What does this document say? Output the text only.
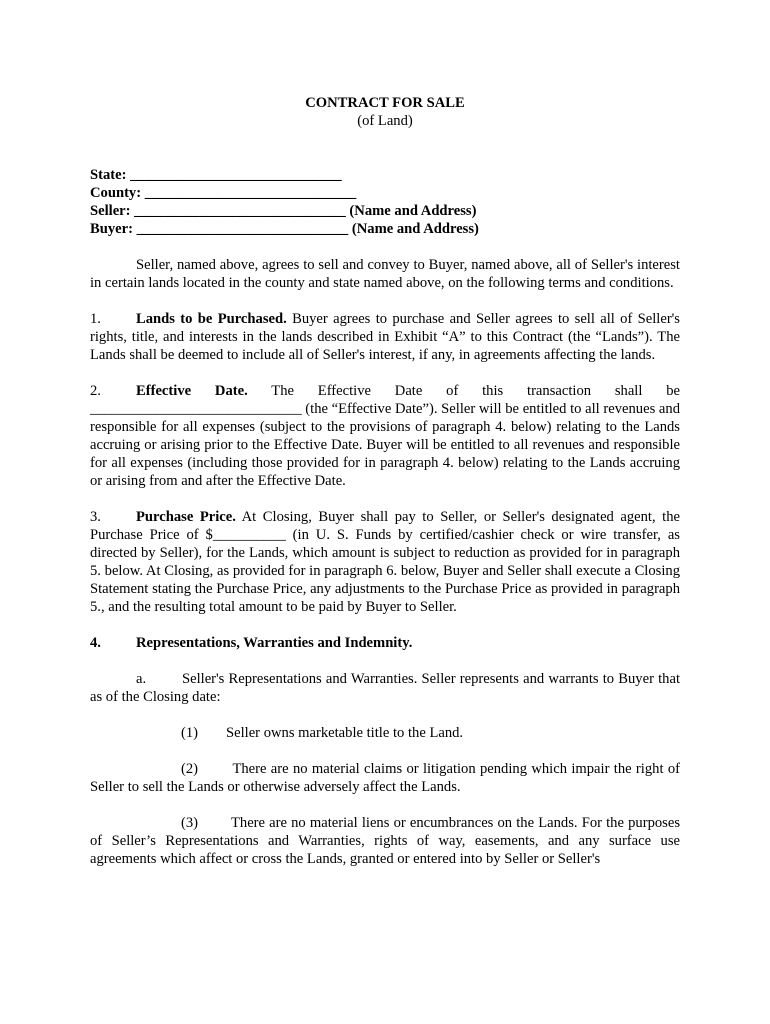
CONTRACT FOR SALE
(of Land)
State: _____________________________
County: _____________________________
Seller: _____________________________ (Name and Address)
Buyer: _____________________________ (Name and Address)
Seller, named above, agrees to sell and convey to Buyer, named above, all of Seller's interest in certain lands located in the county and state named above, on the following terms and conditions.
1. Lands to be Purchased. Buyer agrees to purchase and Seller agrees to sell all of Seller's rights, title, and interests in the lands described in Exhibit “A” to this Contract (the “Lands”). The Lands shall be deemed to include all of Seller's interest, if any, in agreements affecting the lands.
2. Effective Date. The Effective Date of this transaction shall be
_____________________________ (the “Effective Date”). Seller will be entitled to all revenues and responsible for all expenses (subject to the provisions of paragraph 4. below) relating to the Lands accruing or arising prior to the Effective Date. Buyer will be entitled to all revenues and responsible for all expenses (including those provided for in paragraph 4. below) relating to the Lands accruing or arising from and after the Effective Date.
3. Purchase Price. At Closing, Buyer shall pay to Seller, or Seller's designated agent, the Purchase Price of $__________ (in U. S. Funds by certified/cashier check or wire transfer, as directed by Seller), for the Lands, which amount is subject to reduction as provided for in paragraph 5. below. At Closing, as provided for in paragraph 6. below, Buyer and Seller shall execute a Closing Statement stating the Purchase Price, any adjustments to the Purchase Price as provided in paragraph 5., and the resulting total amount to be paid by Buyer to Seller.
4. Representations, Warranties and Indemnity.
a. Seller's Representations and Warranties. Seller represents and warrants to Buyer that as of the Closing date:
(1) Seller owns marketable title to the Land.
(2)        There are no material claims or litigation pending which impair the right of Seller to sell the Lands or otherwise adversely affect the Lands.
(3)        There are no material liens or encumbrances on the Lands. For the purposes of Seller’s Representations and Warranties, rights of way, easements, and any surface use agreements which affect or cross the Lands, granted or entered into by Seller or Seller's
